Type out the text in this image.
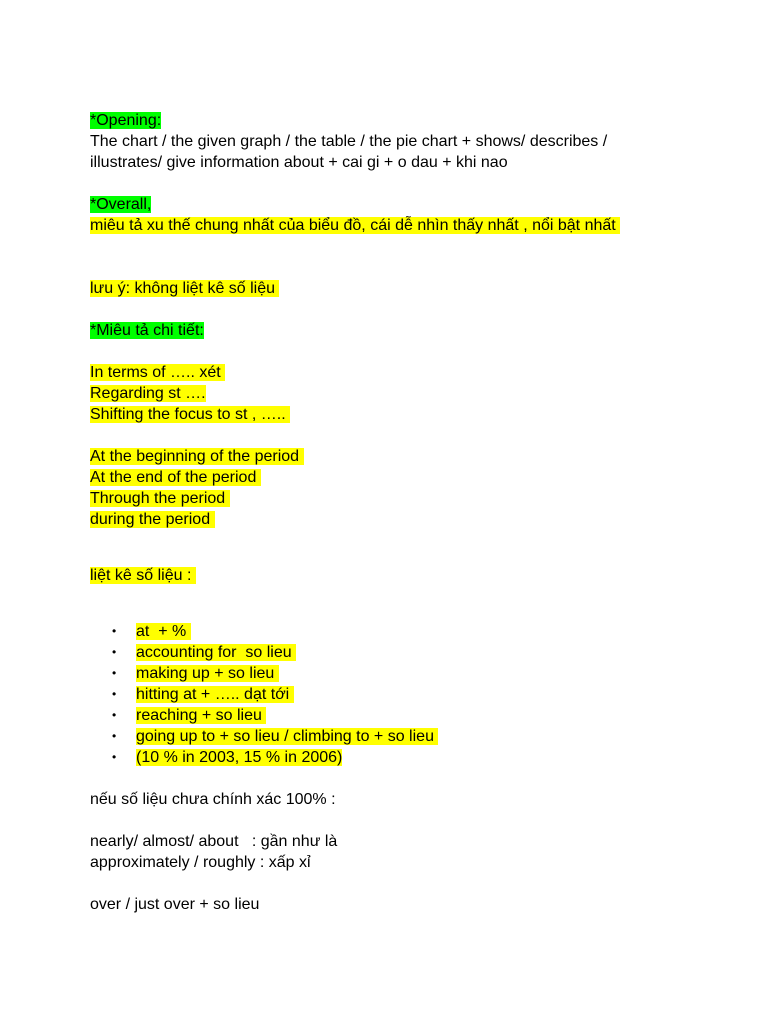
*Opening:
The chart / the given graph / the table / the pie chart + shows/ describes /
illustrates/ give information about + cai gi + o dau + khi nao
*Overall,
miêu tả xu thế chung nhất của biểu đồ, cái dễ nhìn thấy nhất , nổi bật nhất
lưu ý: không liệt kê số liệu
*Miêu tả chi tiết:
In terms of ….. xét
Regarding st ….
Shifting the focus to st , …..
At the beginning of the period
At the end of the period
Through the period
during the period
liệt kê số liệu :
• at  + %
• accounting for  so lieu
• making up + so lieu
• hitting at + ….. dạt tới
• reaching + so lieu
• going up to + so lieu / climbing to + so lieu
• (10 % in 2003, 15 % in 2006)
nếu số liệu chưa chính xác 100% :
nearly/ almost/ about   : gần như là
approximately / roughly : xấp xỉ
over / just over + so lieu
